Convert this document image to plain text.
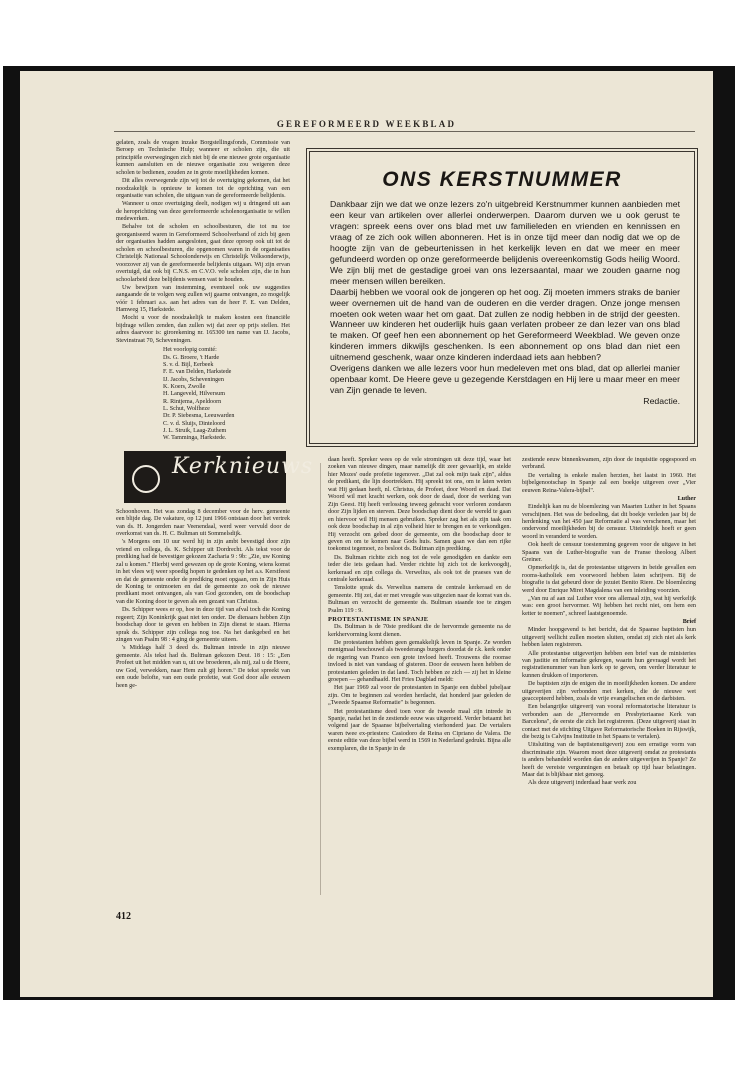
GEREFORMEERD WEEKBLAD

gelaten, zoals de vragen inzake Borgstellingsfonds, Commissie van Beroep en Technische Hulp; wanneer er scholen zijn, die uit principiële overwegingen zich niet bij de ene nieuwe grote organisatie kunnen aansluiten en de nieuwe organisatie zou weigeren deze scholen te bedienen, zouden ze in grote moeilijkheden komen.

Dit alles overwegende zijn wij tot de overtuiging gekomen, dat het noodzakelijk is opnieuw te komen tot de oprichting van een organisatie van scholen, die uitgaan van de gereformeerde belijdenis.

Wanneer u onze overtuiging deelt, nodigen wij u dringend uit aan de heroprichting van deze gereformeerde scholenorganisatie te willen medewerken.

Behalve tot de scholen en schoolbesturen, die tot nu toe georganiseerd waren in Gereformeerd Schoolverband of zich bij geen der organisaties hadden aangesloten, gaat deze oproep ook uit tot de scholen en schoolbesturen, die opgenomen waren in de organisaties Christelijk Nationaal Schoolonderwijs en Christelijk Volksonderwijs, voorzover zij van de gereformeerde belijdenis uitgaan. Wij zijn ervan overtuigd, dat ook bij C.N.S. en C.V.O. vele scholen zijn, die in hun schoolarbeid deze belijdenis wensen vast te houden.

Uw bewijzen van instemming, eventueel ook uw suggesties aangaande de te volgen weg zullen wij gaarne ontvangen, zo mogelijk vóór 1 februari a.s. aan het adres van de heer F. E. van Delden, Hamweg 15, Harkstede.

Mocht u voor de noodzakelijk te maken kosten een financiële bijdrage willen zenden, dan zullen wij dat zeer op prijs stellen. Het adres daarvoor is: girorekening nr. 165300 ten name van IJ. Jacobs, Stevinstraat 70, Scheveningen.

Het voorlopig comité:
Ds. G. Broere, 't Harde
S. v. d. Bijl, Eerbeek
F. E. van Delden, Harkstede
IJ. Jacobs, Scheveningen
K. Koers, Zwolle
H. Langeveld, Hilversum
R. Rintjema, Apeldoorn
L. Schut, Wolfheze
Dr. P. Siebesma, Leeuwarden
C. v. d. Sluijs, Dinteloord
J. L. Struik, Laag-Zuthem
W. Tamminga, Harkstede.
Kerknieuws

Schoonhoven. Het was zondag 8 december voor de herv. gemeente een blijde dag. De vakature, op 12 juni 1966 ontstaan door het vertrek van ds. H. Jongerden naar Veenendaal, werd weer vervuld door de overkomst van ds. H. C. Bultman uit Sommelsdijk.

's Morgens om 10 uur werd hij in zijn ambt bevestigd door zijn vriend en collega, ds. K. Schipper uit Dordrecht. Als tekst voor de prediking had de bevestiger gekozen Zacharia 9 : 9b: „Zie, uw Koning zal u komen." Hierbij werd gewezen op de grote Koning, wiens komst in het vlees wij weer spoedig hopen te gedenken op het a.s. Kerstfeest en dat de gemeente onder de prediking moet opgaan, om in Zijn Huis de Koning te ontmoeten en dat de gemeente zo ook de nieuwe predikant moet ontvangen, als van God gezonden, om de boodschap van die Koning door te geven als een gezant van Christus.

Ds. Schipper wees er op, hoe in deze tijd van afval toch die Koning regeert; Zijn Koninkrijk gaat niet ten onder. De dienaars hebben Zijn boodschap door te geven en hebben in Zijn dienst te staan. Hierna sprak ds. Schipper zijn collega nog toe. Na het dankgebed en het zingen van Psalm 98 : 4 ging de gemeente uiteen.

's Middags half 3 deed ds. Bultman intrede in zijn nieuwe gemeente. Als tekst had ds. Bultman gekozen Deut. 18 : 15: „Een Profeet uit het midden van u, uit uw broederen, als mij, zal u de Heere, uw God, verwekken, naar Hem zult gij horen." De tekst spreekt van een oude belofte, van een oude profetie, wat God door alle eeuwen heen ge-

ONS KERSTNUMMER

Dankbaar zijn we dat we onze lezers zo'n uitgebreid Kerstnummer kunnen aanbieden met een keur van artikelen over allerlei onderwerpen. Daarom durven we u ook gerust te vragen: spreek eens over ons blad met uw familieleden en vrienden en kennissen en vraag of ze zich ook willen abonneren. Het is in onze tijd meer dan nodig dat we op de hoogte zijn van de gebeurtenissen in het kerkelijk leven en dat we meer en meer gefundeerd worden op onze gereformeerde belijdenis overeenkomstig Gods heilig Woord. We zijn blij met de gestadige groei van ons lezersaantal, maar we zouden gaarne nog meer mensen willen bereiken.

Daarbij hebben we vooral ook de jongeren op het oog. Zij moeten immers straks de banier weer overnemen uit de hand van de ouderen en die verder dragen. Onze jonge mensen moeten ook weten waar het om gaat. Dat zullen ze nodig hebben in de strijd der geesten. Wanneer uw kinderen het ouderlijk huis gaan verlaten probeer ze dan lezer van ons blad te maken. Of geef hen een abonnement op het Gereformeerd Weekblad. We geven onze kinderen immers dikwijls geschenken. Is een abonnement op ons blad dan niet een uitnemend geschenk, waar onze kinderen inderdaad iets aan hebben?

Overigens danken we alle lezers voor hun medeleven met ons blad, dat op allerlei manier openbaar komt. De Heere geve u gezegende Kerstdagen en Hij lere u maar meer en meer van Zijn genade te leven.

Redactie.

daan heeft. Spreker wees op de vele stromingen uit deze tijd, waar het zoeken van nieuwe dingen, maar namelijk dit zeer gevaarlijk, en stelde hier Mozes' oude profetie tegenover. „Dat zal ook mijn taak zijn", aldus de predikant, die lijn doortrekken. Hij spreekt tot ons, om te laten weten wat Hij gedaan heeft, nl. Christus, de Profeet, door Woord en daad. Dat Woord wil met kracht werken, ook door de daad, door de werking van Zijn Geest. Hij heeft verlossing teweeg gebracht voor verloren zondaren door Zijn lijden en sterven. Deze boodschap dient door de wereld te gaan en hiervoor wil Hij mensen gebruiken. Spreker zag het als zijn taak om ook deze boodschap in al zijn volheid hier te brengen en te verkondigen. Hij verzocht om gebed door de gemeente, om die boodschap door te geven en om te komen naar Gods huis. Samen gaan we dan een rijke toekomst tegemoet, zo besloot ds. Bultman zijn prediking.

Ds. Bultman richtte zich nog tot de vele genodigden en dankte een ieder die iets gedaan had. Verder richtte hij zich tot de kerkvoogdij, kerkeraad en zijn collega ds. Verwelius, als ook tot de praeses van de centrale kerkeraad.

Tenslotte sprak ds. Verwelius namens de centrale kerkeraad en de gemeente. Hij zei, dat er met vreugde was uitgezien naar de komst van ds. Bultman en verzocht de gemeente ds. Bultman staande toe te zingen Psalm 119 : 9.

PROTESTANTISME IN SPANJE

Ds. Bultman is de 70ste predikant die de hervormde gemeente na de kerkhervorming komt dienen.

De protestanten hebben geen gemakkelijk leven in Spanje. Ze worden menigmaal beschouwd als tweederangs burgers doordat de r.k. kerk onder de regering van Franco een grote invloed heeft. Trouwens die roomse invloed is niet van vandaag of gisteren. Door de eeuwen heen hebben de protestanten geleden in dat land. Toch hebben ze zich — zij het in kleine groepen — gehandhaafd. Het Fries Dagblad meldt:

Het jaar 1969 zal voor de protestanten in Spanje een dubbel jubeljaar zijn. Om te beginnen zal worden herdacht, dat honderd jaar geleden de „Tweede Spaanse Reformatie" is begonnen.

Het protestantisme deed toen voor de tweede maal zijn intrede in Spanje, nadat het in de zestiende eeuw was uitgeroeid. Verder betaamt het volgend jaar de Spaanse bijbelvertaling vierhonderd jaar. De vertalers waren twee ex-priesters: Casiodoro de Reina en Cipriano de Valera. De eerste editie van deze bijbel werd in 1569 in Nederland gedrukt. Bijna alle exemplaren, die in Spanje in de

zestiende eeuw binnenkwamen, zijn door de inquisitie opgespoord en verbrand.

De vertaling is enkele malen herzien, het laatst in 1960. Het bijbelgenootschap in Spanje zal een boekje uitgeven over „Vier eeuwen Reina-Valera-bijbel".

Luther

Eindelijk kan nu de bloemlezing van Maarten Luther in het Spaans verschijnen. Het was de bedoeling, dat dit boekje verleden jaar bij de herdenking van het 450 jaar Reformatie al was verschenen, maar het ondervond moeilijkheden bij de censuur. Uiteindelijk hoeft er geen woord in veranderd te worden.

Ook heeft de censuur toestemming gegeven voor de uitgave in het Spaans van de Luther-biografie van de Franse theoloog Albert Greiner.

Opmerkelijk is, dat de protestantse uitgevers in beide gevallen een rooms-katholiek een voorwoord hebben laten schrijven. Bij de biografie is dat gebeurd door de jezuiet Benito Riere. De bloemlezing werd door Enrique Miret Magdalena van een inleiding voorzien.

„Van nu af aan zal Luther voor ons allemaal zijn, wat hij werkelijk was: een groot hervormer. Wij hebben het recht niet, om hem een ketter te noemen", schreef laatstgenoemde.

Brief

Minder hoopgevend is het bericht, dat de Spaanse baptisten hun uitgeverij wellicht zullen moeten sluiten, omdat zij zich niet als kerk hebben laten registreren.

Alle protestantse uitgeverijen hebben een brief van de ministeries van justitie en informatie gekregen, waarin hun gevraagd wordt het registratienummer van hun kerk op te geven, om verder literatuur te kunnen drukken of importeren.

De baptisten zijn de enigen die in moeilijkheden komen. De andere uitgeverijen zijn verbonden met kerken, die de nieuwe wet geaccepteerd hebben, zoals de vrije evangelischen en de darbisten.

Een belangrijke uitgeverij van vooral reformatorische literatuur is verbonden aan de „Hervormde en Presbyteriaanse Kerk van Barcelona", de eerste die zich liet registreren. (Deze uitgeverij staat in contact met de stichting Uitgave Reformatorische Boeken in Rijswijk, die bezig is Calvijns Institutie in het Spaans te vertalen).

Uitsluiting van de baptistenuitgeverij zou een ernstige vorm van discriminatie zijn. Waarom moet deze uitgeverij omdat ze protestants is anders behandeld worden dan de andere uitgeverijen in Spanje? Ze heeft de vereiste vergunningen en betaalt op tijd haar belastingen. Maar dat is blijkbaar niet genoeg.

Als deze uitgeverij inderdaad haar werk zou

412
